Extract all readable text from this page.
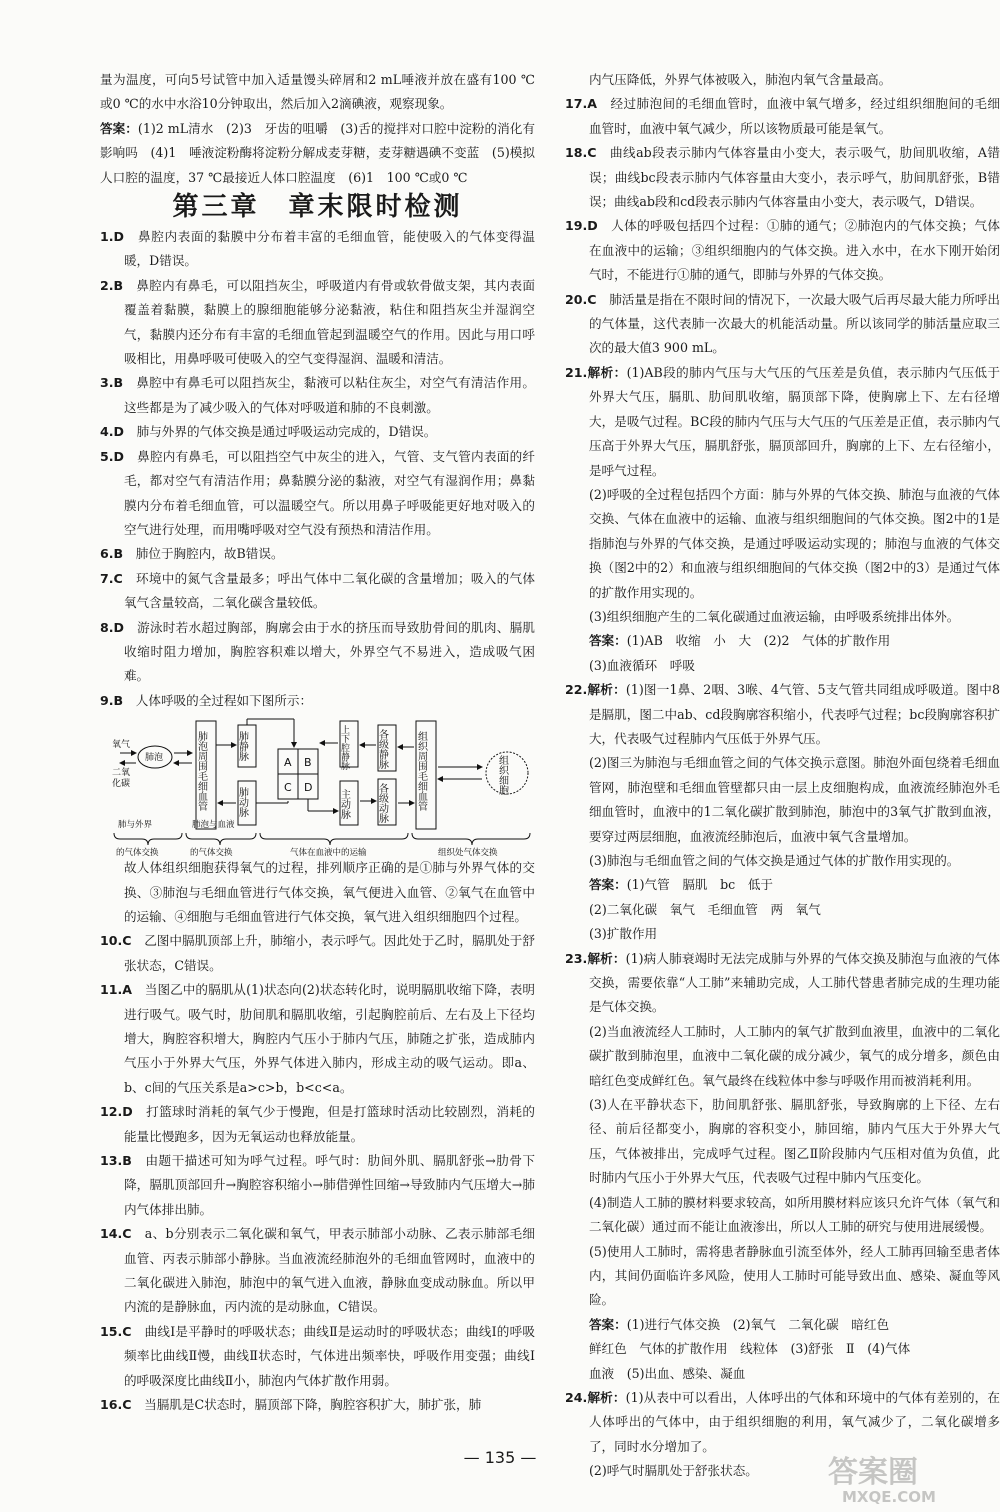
量为温度，可向5号试管中加入适量馒头碎屑和2 mL唾液并放在盛有100 ℃或0 ℃的水中水浴10分钟取出，然后加入2滴碘液，观察现象。

答案：(1)2 mL清水　(2)3　牙齿的咀嚼　(3)舌的搅拌对口腔中淀粉的消化有影响吗　(4)1　唾液淀粉酶将淀粉分解成麦芽糖，麦芽糖遇碘不变蓝　(5)模拟人口腔的温度，37 ℃最接近人体口腔温度　(6)1　100 ℃或0 ℃

第三章　章末限时检测

1.D　 鼻腔内表面的黏膜中分布着丰富的毛细血管，能使吸入的气体变得温暖，D错误。

2.B　 鼻腔内有鼻毛，可以阻挡灰尘，呼吸道内有骨或软骨做支架，其内表面覆盖着黏膜，黏膜上的腺细胞能够分泌黏液，粘住和阻挡灰尘并湿润空气，黏膜内还分布有丰富的毛细血管起到温暖空气的作用。因此与用口呼吸相比，用鼻呼吸可使吸入的空气变得湿润、温暖和清洁。

3.B　 鼻腔中有鼻毛可以阻挡灰尘，黏液可以粘住灰尘，对空气有清洁作用。这些都是为了减少吸入的气体对呼吸道和肺的不良刺激。

4.D　 肺与外界的气体交换是通过呼吸运动完成的，D错误。

5.D　 鼻腔内有鼻毛，可以阻挡空气中灰尘的进入，气管、支气管内表面的纤毛，都对空气有清洁作用；鼻黏膜分泌的黏液，对空气有湿润作用；鼻黏膜内分布着毛细血管，可以温暖空气。所以用鼻子呼吸能更好地对吸入的空气进行处理，而用嘴呼吸对空气没有预热和清洁作用。

6.B　 肺位于胸腔内，故B错误。

7.C　 环境中的氮气含量最多；呼出气体中二氧化碳的含量增加；吸入的气体氧气含量较高，二氧化碳含量较低。

8.D　 游泳时若水超过胸部，胸廓会由于水的挤压而导致肋骨间的肌肉、膈肌收缩时阻力增加，胸腔容积难以增大，外界空气不易进入，造成吸气困难。

9.B　 人体呼吸的全过程如下图所示：

肺泡
氧气
二氧
化碳	肺泡周围毛细血管	肺静脉
肺动脉
A B
C D
上下腔静脉
主动脉
各级静脉
各级动脉	组织周围毛细血管	组织细胞
肺与外界
的气体交换
肺泡与血液
的气体交换	气体在血液中的运输	组织处气体交换

故人体组织细胞获得氧气的过程，排列顺序正确的是①肺与外界气体的交换、③肺泡与毛细血管进行气体交换，氧气便进入血管、②氧气在血管中的运输、④细胞与毛细血管进行气体交换，氧气进入组织细胞四个过程。

10.C　 乙图中膈肌顶部上升，肺缩小，表示呼气。因此处于乙时，膈肌处于舒张状态，C错误。

11.A　 当图乙中的膈肌从(1)状态向(2)状态转化时，说明膈肌收缩下降，表明进行吸气。吸气时，肋间肌和膈肌收缩，引起胸腔前后、左右及上下径均增大，胸腔容积增大，胸腔内气压小于肺内气压，肺随之扩张，造成肺内气压小于外界大气压，外界气体进入肺内，形成主动的吸气运动。即a、b、c间的气压关系是a>c>b，b<c<a。

12.D　 打篮球时消耗的氧气少于慢跑，但是打篮球时活动比较剧烈，消耗的能量比慢跑多，因为无氧运动也释放能量。

13.B　 由题干描述可知为呼气过程。呼气时：肋间外肌、膈肌舒张→肋骨下降，膈肌顶部回升→胸腔容积缩小→肺借弹性回缩→导致肺内气压增大→肺内气体排出肺。

14.C　 a、b分别表示二氧化碳和氧气，甲表示肺部小动脉、乙表示肺部毛细血管、丙表示肺部小静脉。当血液流经肺泡外的毛细血管网时，血液中的二氧化碳进入肺泡，肺泡中的氧气进入血液，静脉血变成动脉血。所以甲内流的是静脉血，丙内流的是动脉血，C错误。

15.C　 曲线Ⅰ是平静时的呼吸状态；曲线Ⅱ是运动时的呼吸状态；曲线Ⅰ的呼吸频率比曲线Ⅱ慢，曲线Ⅱ状态时，气体进出频率快，呼吸作用变强；曲线Ⅰ的呼吸深度比曲线Ⅱ小，肺泡内气体扩散作用弱。

16.C　 当膈肌是C状态时，膈顶部下降，胸腔容积扩大，肺扩张，肺

内气压降低，外界气体被吸入，肺泡内氧气含量最高。

17.A　 经过肺泡间的毛细血管时，血液中氧气增多，经过组织细胞间的毛细血管时，血液中氧气减少，所以该物质最可能是氧气。

18.C　 曲线ab段表示肺内气体容量由小变大，表示吸气，肋间肌收缩，A错误；曲线bc段表示肺内气体容量由大变小，表示呼气，肋间肌舒张，B错误；曲线ab段和cd段表示肺内气体容量由小变大，表示吸气，D错误。

19.D　 人体的呼吸包括四个过程：①肺的通气；②肺泡内的气体交换；气体在血液中的运输；③组织细胞内的气体交换。进入水中，在水下刚开始闭气时，不能进行①肺的通气，即肺与外界的气体交换。

20.C　 肺活量是指在不限时间的情况下，一次最大吸气后再尽最大能力所呼出的气体量，这代表肺一次最大的机能活动量。所以该同学的肺活量应取三次的最大值3 900 mL。

21.解析：(1)AB段的肺内气压与大气压的气压差是负值，表示肺内气压低于外界大气压，膈肌、肋间肌收缩，膈顶部下降，使胸廓上下、左右径增大，是吸气过程。BC段的肺内气压与大气压的气压差是正值，表示肺内气压高于外界大气压，膈肌舒张，膈顶部回升，胸廓的上下、左右径缩小，是呼气过程。

(2)呼吸的全过程包括四个方面：肺与外界的气体交换、肺泡与血液的气体交换、气体在血液中的运输、血液与组织细胞间的气体交换。图2中的1是指肺泡与外界的气体交换，是通过呼吸运动实现的；肺泡与血液的气体交换（图2中的2）和血液与组织细胞间的气体交换（图2中的3）是通过气体的扩散作用实现的。

(3)组织细胞产生的二氧化碳通过血液运输，由呼吸系统排出体外。

答案：(1)AB　收缩　小　大　(2)2　气体的扩散作用

(3)血液循环　呼吸

22.解析：(1)图一1鼻、2咽、3喉、4气管、5支气管共同组成呼吸道。图中8是膈肌，图二中ab、cd段胸廓容积缩小，代表呼气过程；bc段胸廓容积扩大，代表吸气过程肺内气压低于外界气压。

(2)图三为肺泡与毛细血管之间的气体交换示意图。肺泡外面包绕着毛细血管网，肺泡壁和毛细血管壁都只由一层上皮细胞构成，血液流经肺泡外毛细血管时，血液中的1二氧化碳扩散到肺泡，肺泡中的3氧气扩散到血液，要穿过两层细胞，血液流经肺泡后，血液中氧气含量增加。

(3)肺泡与毛细血管之间的气体交换是通过气体的扩散作用实现的。

答案：(1)气管　膈肌　bc　低于

(2)二氧化碳　氧气　毛细血管　两　氧气

(3)扩散作用

23.解析：(1)病人肺衰竭时无法完成肺与外界的气体交换及肺泡与血液的气体交换，需要依靠“人工肺”来辅助完成，人工肺代替患者肺完成的生理功能是气体交换。

(2)当血液流经人工肺时，人工肺内的氧气扩散到血液里，血液中的二氧化碳扩散到肺泡里，血液中二氧化碳的成分减少，氧气的成分增多，颜色由暗红色变成鲜红色。氧气最终在线粒体中参与呼吸作用而被消耗利用。

(3)人在平静状态下，肋间肌舒张、膈肌舒张，导致胸廓的上下径、左右径、前后径都变小，胸廓的容积变小，肺回缩，肺内气压大于外界大气压，气体被排出，完成呼气过程。图乙Ⅱ阶段肺内气压相对值为负值，此时肺内气压小于外界大气压，代表吸气过程中肺内气压变化。

(4)制造人工肺的膜材料要求较高，如所用膜材料应该只允许气体（氧气和二氧化碳）通过而不能让血液渗出，所以人工肺的研究与使用进展缓慢。

(5)使用人工肺时，需将患者静脉血引流至体外，经人工肺再回输至患者体内，其间仍面临许多风险，使用人工肺时可能导致出血、感染、凝血等风险。

答案：(1)进行气体交换　(2)氧气　二氧化碳　暗红色

鲜红色　气体的扩散作用　线粒体　(3)舒张　Ⅱ　(4)气体

血液　(5)出血、感染、凝血

24.解析：(1)从表中可以看出，人体呼出的气体和环境中的气体有差别的，在人体呼出的气体中，由于组织细胞的利用，氧气减少了，二氧化碳增多了，同时水分增加了。

(2)呼气时膈肌处于舒张状态。

— 135 —	答案圈
MXQE.COM
